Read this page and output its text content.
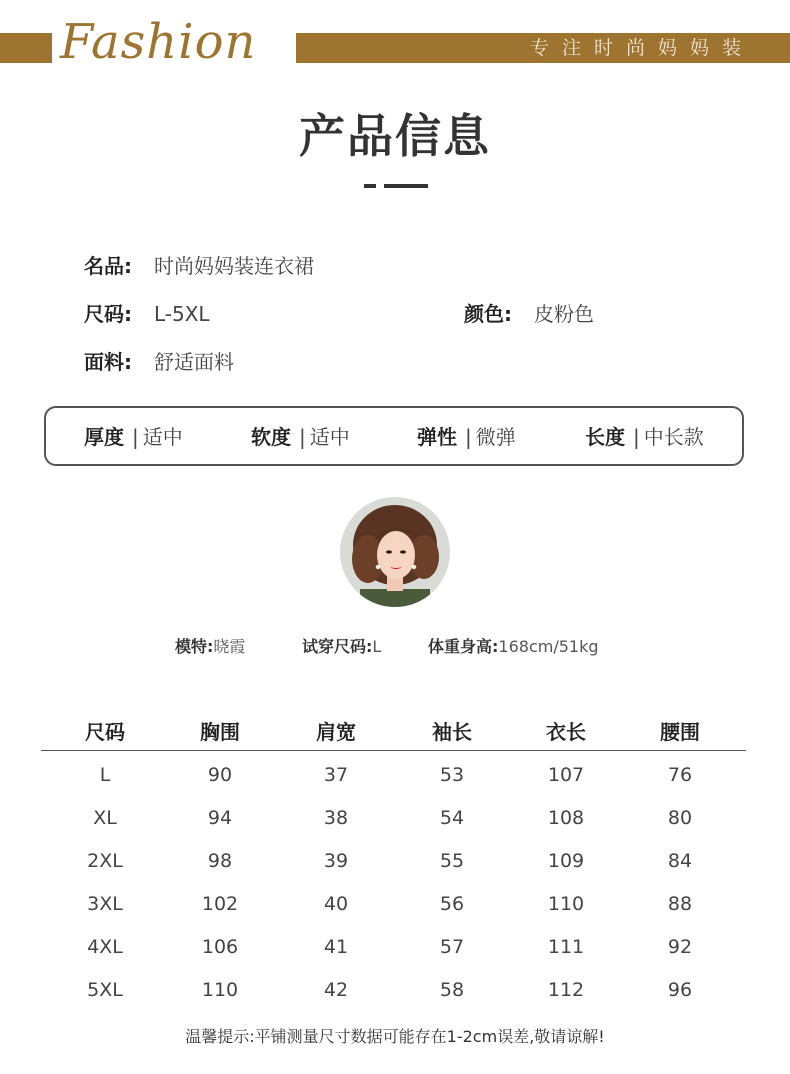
Fashion	专注时尚妈妈装
产品信息
名品: 时尚妈妈装连衣裙
尺码: L-5XL	颜色: 皮粉色
面料: 舒适面料
厚度 | 适中	软度 | 适中	弹性 | 微弹	长度 | 中长款
模特:晓霞	试穿尺码:L	体重身高:168cm/51kg
尺码	胸围	肩宽	袖长	衣长	腰围
L	90	37	53	107	76
XL	94	38	54	108	80
2XL	98	39	55	109	84
3XL	102	40	56	110	88
4XL	106	41	57	111	92
5XL	110	42	58	112	96
温馨提示:平铺测量尺寸数据可能存在1-2cm误差,敬请谅解!
